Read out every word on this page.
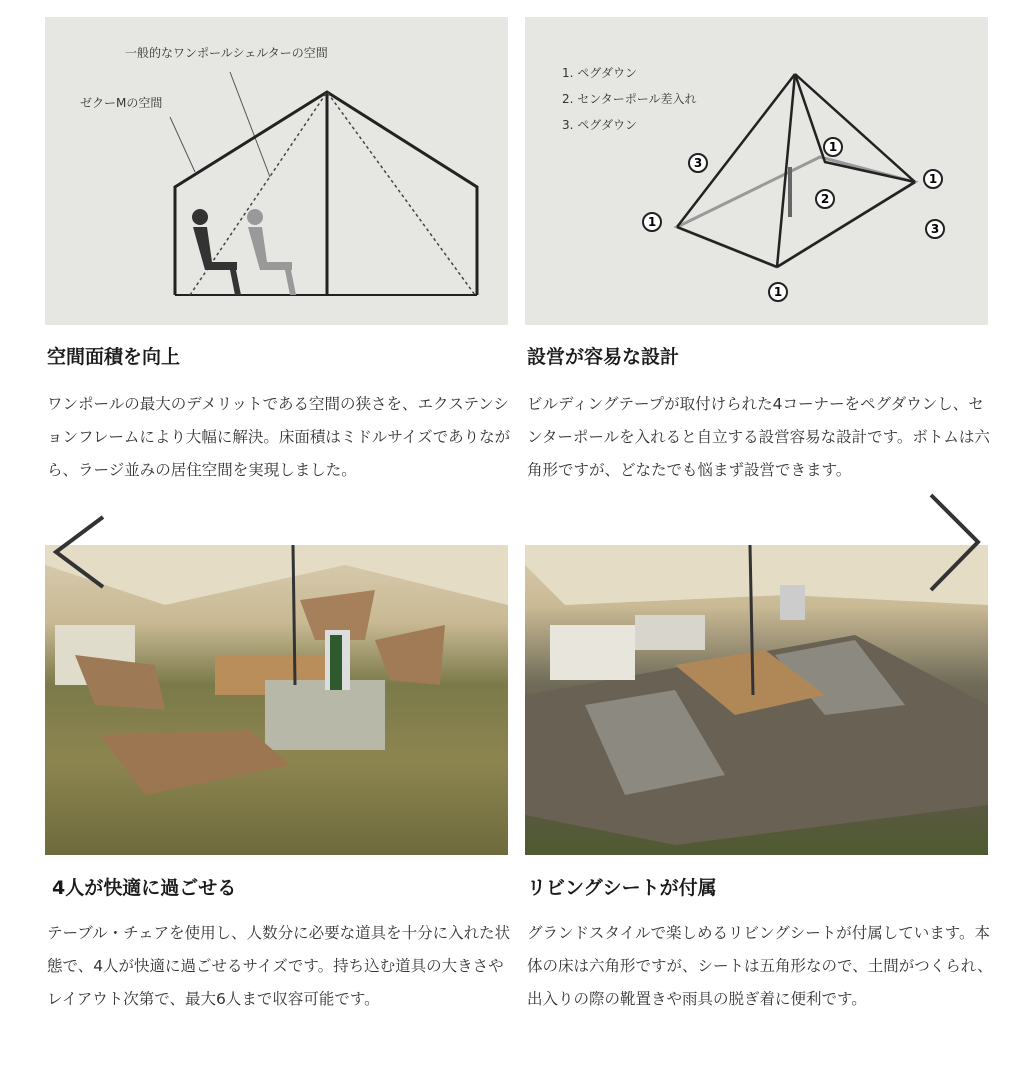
一般的なワンポールシェルターの空間
ゼクーMの空間
1. ペグダウン
2. センターポール差入れ
3. ペグダウン
1
1
1
1
2
3
3
空間面積を向上
ワンポールの最大のデメリットである空間の狭さを、エクステンションフレームにより大幅に解決。床面積はミドルサイズでありながら、ラージ並みの居住空間を実現しました。
設営が容易な設計
ビルディングテープが取付けられた4コーナーをペグダウンし、センターポールを入れると自立する設営容易な設計です。ボトムは六角形ですが、どなたでも悩まず設営できます。
4人が快適に過ごせる
テーブル・チェアを使用し、人数分に必要な道具を十分に入れた状態で、4人が快適に過ごせるサイズです。持ち込む道具の大きさやレイアウト次第で、最大6人まで収容可能です。
リビングシートが付属
グランドスタイルで楽しめるリビングシートが付属しています。本体の床は六角形ですが、シートは五角形なので、土間がつくられ、出入りの際の靴置きや雨具の脱ぎ着に便利です。
